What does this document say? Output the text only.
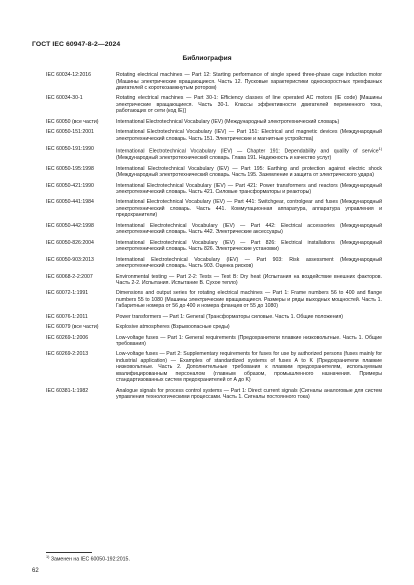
ГОСТ IEC 60947-8-2—2024
Библиография
IEC 60034-12:2016	Rotating electrical machines — Part 12: Starting performance of single speed three-phase cage induction motor (Машины электрические вращающиеся. Часть 12. Пусковые характеристики односкоростных трехфазных двигателей с короткозамкнутым ротором)
IEC 60034-30-1	Rotating electrical machines — Part 30-1: Efficiency classes of line operated AC motors (IE code) [Машины электрические вращающиеся. Часть 30-1. Классы эффективности двигателей переменного тока, работающих от сети (код IE)]
IEC 60050 (все части)	International Electrotechnical Vocabulary (IEV) (Международный электротехнический словарь)
IEC 60050-151:2001	International Electrotechnical Vocabulary (IEV) — Part 151: Electrical and magnetic devices (Международный электротехнический словарь. Часть 151. Электрические и магнитные устройства)
IEC 60050-191:1990	International Electrotechnical Vocabulary (IEV) — Chapter 191: Dependability and quality of service$^{1)}$ (Международный электротехнический словарь. Глава 191. Надежность и качество услуг)
IEC 60050-195:1998	International Electrotechnical Vocabulary (IEV) — Part 195: Earthing and protection against electric shock (Международный электротехнический словарь. Часть 195. Заземление и защита от электрического удара)
IEC 60050-421:1990	International Electrotechnical Vocabulary (IEV) — Part 421: Power transformers and reactors (Международный электротехнический словарь. Часть 421. Силовые трансформаторы и реакторы)
IEC 60050-441:1984	International Electrotechnical Vocabulary (IEV) — Part 441: Switchgear, controlgear and fuses (Международный электротехнический словарь. Часть 441. Коммутационная аппаратура, аппаратура управления и предохранители)
IEC 60050-442:1998	International Electrotechnical Vocabulary (IEV) — Part 442: Electrical accessories (Международный электротехнический словарь. Часть 442. Электрические аксессуары)
IEC 60050-826:2004	International Electrotechnical Vocabulary (IEV) — Part 826: Electrical installations (Международный электротехнический словарь. Часть 826. Электрические установки)
IEC 60050-903:2013	International Electrotechnical Vocabulary (IEV) — Part 903: Risk assessment (Международный электротехнический словарь. Часть 903. Оценка рисков)
IEC 60068-2-2:2007	Environmental testing — Part 2-2: Tests — Test B: Dry heat (Испытания на воздействие внешних факторов. Часть 2-2. Испытания. Испытание B. Сухое тепло)
IEC 60072-1:1991	Dimensions and output series for rotating electrical machines — Part 1: Frame numbers 56 to 400 and flange numbers 55 to 1080 (Машины электрические вращающиеся. Размеры и ряды выходных мощностей. Часть 1. Габаритные номера от 56 до 400 и номера фланцев от 55 до 1080)
IEC 60076-1:2011	Power transformers — Part 1: General (Трансформаторы силовые. Часть 1. Общие положения)
IEC 60079 (все части)	Explosive atmospheres (Взрывоопасные среды)
IEC 60269-1:2006	Low-voltage fuses — Part 1: General requirements (Предохранители плавкие низковольтные. Часть 1. Общие требования)
IEC 60269-2:2013	Low-voltage fuses — Part 2: Supplementary requirements for fuses for use by authorized persons (fuses mainly for industrial application) — Examples of standardized systems of fuses A to K (Предохранители плавкие низковольтные. Часть 2. Дополнительные требования к плавким предохранителям, используемым квалифицированным персоналом (главным образом, промышленного назначения. Примеры стандартизованных систем предохранителей от A до K)
IEC 60381-1:1982	Analogue signals for process control systems — Part 1: Direct current signals (Сигналы аналоговые для систем управления технологическими процессами. Часть 1. Сигналы постоянного тока)
$^{1)}$ Заменен на IEC 60050-192:2015.
62
